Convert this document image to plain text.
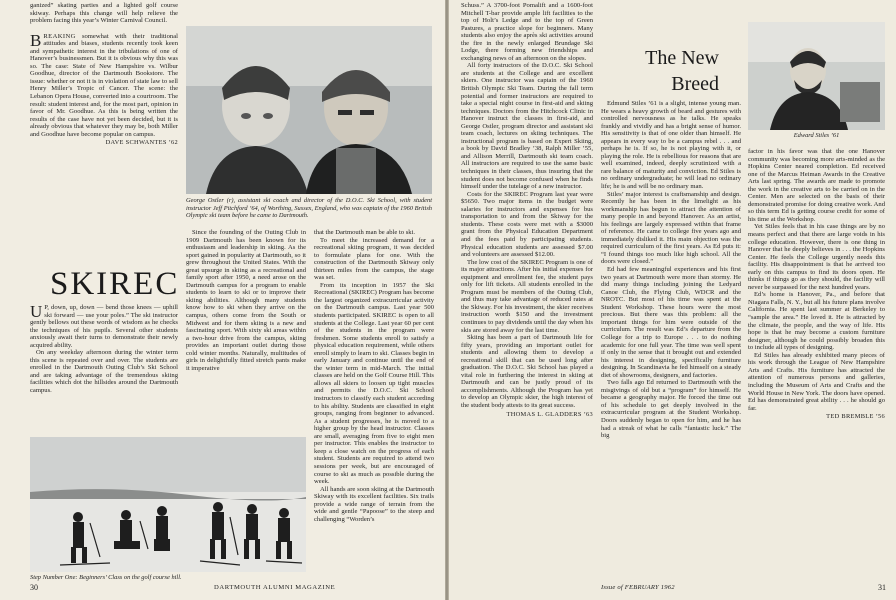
ganized” skating parties and a lighted golf course skiway. Perhaps this change will help relieve the problem facing this year’s Winter Carnival Council.

BREAKING somewhat with their traditional attitudes and biases, students recently took keen and sympathetic interest in the tribulations of one of Hanover’s businessmen. But it is obvious why this was so. The case: State of New Hampshire vs. Wilbur Goodhue, director of the Dartmouth Bookstore. The issue: whether or not it is in violation of state law to sell Henry Miller’s Tropic of Cancer. The scene: the Lebanon Opera House, converted into a courtroom. The result: student interest and, for the most part, opinion in favor of Mr. Goodhue. As this is being written the results of the case have not yet been decided, but it is already obvious that whatever they may be, both Miller and Goodhue have become popular on campus.

DAVE SCHWANTES ’62
George Ostler (r), assistant ski coach and director of the D.O.C. Ski School, with student instructor Jeff Pitchford ’64, of Worthing, Sussex, England, who was captain of the 1960 British Olympic ski team before he came to Dartmouth.
SKIREC

U P, down, up, down — bend those knees — uphill ski forward — use your poles.” The ski instructor gently bellows out these words of wisdom as he checks the techniques of his pupils. Several other students anxiously await their turns to demonstrate their newly acquired ability.

On any weekday afternoon during the winter term this scene is repeated over and over. The students are enrolled in the Dartmouth Outing Club’s Ski School and are taking advantage of the tremendous skiing facilities which dot the hillsides around the Dartmouth campus.

Since the founding of the Outing Club in 1909 Dartmouth has been known for its enthusiasm and leadership in skiing. As the sport gained in popularity at Dartmouth, so it grew throughout the United States. With the great upsurge in skiing as a recreational and family sport after 1950, a need arose on the Dartmouth campus for a program to enable students to learn to ski or to improve their skiing abilities. Although many students know how to ski when they arrive on the campus, others come from the South or Midwest and for them skiing is a new and fascinating sport. With sixty ski areas within a two-hour drive from the campus, skiing provides an important outlet during those cold winter months. Naturally, multitudes of girls in delightfully fitted stretch pants make it imperative

that the Dartmouth man be able to ski.

To meet the increased demand for a recreational skiing program, it was decided to formulate plans for one. With the construction of the Dartmouth Skiway only thirteen miles from the campus, the stage was set.

From its inception in 1957 the Ski Recreational (SKIREC) Program has become the largest organized extracurricular activity on the Dartmouth campus. Last year 500 students participated. SKIREC is open to all students at the College. Last year 60 per cent of the students in the program were freshmen. Some students enroll to satisfy a physical education requirement, while others enroll simply to learn to ski. Classes begin in early January and continue until the end of the winter term in mid-March. The initial classes are held on the Golf Course Hill. This allows all skiers to loosen up tight muscles and permits the D.O.C. Ski School instructors to classify each student according to his ability. Students are classified in eight groups, ranging from beginner to advanced. As a student progresses, he is moved to a higher group by the head instructor. Classes are small, averaging from five to eight men per instructor. This enables the instructor to keep a close watch on the progress of each student. Students are required to attend two sessions per week, but are encouraged of course to ski as much as possible during the week.

All hands are soon skiing at the Dartmouth Skiway with its excellent facilities. Six trails provide a wide range of terrain from the wide and gentle “Papoose” to the steep and challenging “Worden’s

Step Number One: Beginners’ Class on the golf course hill.
30	DARTMOUTH ALUMNI MAGAZINE

Schuss.” A 3700-foot Pomalift and a 1600-foot Mitchell T-bar provide ample lift facilities to the top of Holt’s Ledge and to the top of Green Pastures, a practice slope for beginners. Many students also enjoy the après ski activities around the fire in the newly enlarged Brundage Ski Lodge, there forming new friendships and exchanging news of an afternoon on the slopes.

All forty instructors of the D.O.C. Ski School are students at the College and are excellent skiers. One instructor was captain of the 1960 British Olympic Ski Team. During the fall term potential and former instructors are required to take a special night course in first-aid and skiing techniques. Doctors from the Hitchcock Clinic in Hanover instruct the classes in first-aid, and George Ostler, program director and assistant ski team coach, lectures on skiing techniques. The instructional program is based on Expert Skiing, a book by David Bradley ’38, Ralph Miller ’55, and Allison Merrill, Dartmouth ski team coach. All instructors are required to use the same basic techniques in their classes, thus insuring that the student does not become confused when he finds himself under the tutelage of a new instructor.

Costs for the SKIREC Program last year were $5650. Two major items in the budget were salaries for instructors and expenses for bus transportation to and from the Skiway for the students. These costs were met with a $3000 grant from the Physical Education Department and the fees paid by participating students. Physical education students are assessed $7.00 and volunteers are assessed $12.00.

The low cost of the SKIREC Program is one of its major attractions. After his initial expenses for equipment and enrollment fee, the student pays only for lift tickets. All students enrolled in the Program must be members of the Outing Club, and thus may take advantage of reduced rates at the Skiway. For his investment, the skier receives instruction worth $150 and the investment continues to pay dividends until the day when his skis are stored away for the last time.

Skiing has been a part of Dartmouth life for fifty years, providing an important outlet for students and allowing them to develop a recreational skill that can be used long after graduation. The D.O.C. Ski School has played a vital role in furthering the interest in skiing at Dartmouth and can be justly proud of its accomplishments. Although the Program has yet to develop an Olympic skier, the high interest of the student body attests to its great success.

THOMAS L. GLADDERS ’63
The New
Breed
Edward Stiles ’61

Edmund Stiles ’61 is a slight, intense young man. He wears a heavy growth of beard and gestures with controlled nervousness as he talks. He speaks frankly and vividly and has a bright sense of humor. His sensitivity is that of one older than himself. He appears in every way to be a campus rebel . . . and perhaps he is. If so, he is not playing with it, or playing the role. He is rebellious for reasons that are well examined, indeed, deeply scrutinized with a rare balance of maturity and conviction. Ed Stiles is no ordinary undergraduate; he will lead no ordinary life; he is and will be no ordinary man.

Stiles’ major interest is craftsmanship and design. Recently he has been in the limelight as his workmanship has begun to attract the attention of many people in and beyond Hanover. As an artist, his feelings are largely expressed within that frame of reference. He came to college five years ago and immediately disliked it. His main objection was the required curriculum of the first years. As Ed puts it: “I found things too much like high school. All the doors were closed.”

Ed had few meaningful experiences and his first two years at Dartmouth were more than stormy. He did many things including joining the Ledyard Canoe Club, the Flying Club, WDCR and the NROTC. But most of his time was spent at the Student Workshop. These hours were the most precious. But there was this problem: all the important things for him were outside of the curriculum. The result was Ed’s departure from the College for a trip to Europe . . . to do nothing academic for one full year. The time was well spent if only in the sense that it brought out and extended his interest in designing, specifically furniture designing. In Scandinavia he fed himself on a steady diet of showrooms, designers, and factories.

Two falls ago Ed returned to Dartmouth with the misgivings of old but a “program” for himself. He became a geography major. He forced the time out of his schedule to get deeply involved in the extracurricular program at the Student Workshop. Doors suddenly began to open for him, and he has had a streak of what he calls “fantastic luck.” The big

factor in his favor was that the one Hanover community was becoming more arts-minded as the Hopkins Center neared completion. Ed received one of the Marcus Heiman Awards in the Creative Arts last spring. The awards are made to promote the work in the creative arts to be carried on in the Center. Men are selected on the basis of their demonstrated promise for doing creative work. And so this term Ed is getting course credit for some of his time at the Workshop.

Yet Stiles feels that in his case things are by no means perfect and that there are large voids in his college education. However, there is one thing in Hanover that he deeply believes in . . . the Hopkins Center. He feels the College urgently needs this facility. His disappointment is that he arrived too early on this campus to find its doors open. He thinks if things go as they should, the facility will never be surpassed for the next hundred years.

Ed’s home is Hanover, Pa., and before that Niagara Falls, N. Y., but all his future plans involve California. He spent last summer at Berkeley to “sample the area.” He loved it. He is attracted by the climate, the people, and the way of life. His hope is that he may become a custom furniture designer, although he could possibly broaden this to include all types of designing.

Ed Stiles has already exhibited many pieces of his work through the League of New Hampshire Arts and Crafts. His furniture has attracted the attention of numerous persons and galleries, including the Museum of Arts and Crafts and the World House in New York. The doors have opened. Ed has demonstrated great ability . . . he should go far.

TED BREMBLE ’56
Issue of FEBRUARY 1962	31
